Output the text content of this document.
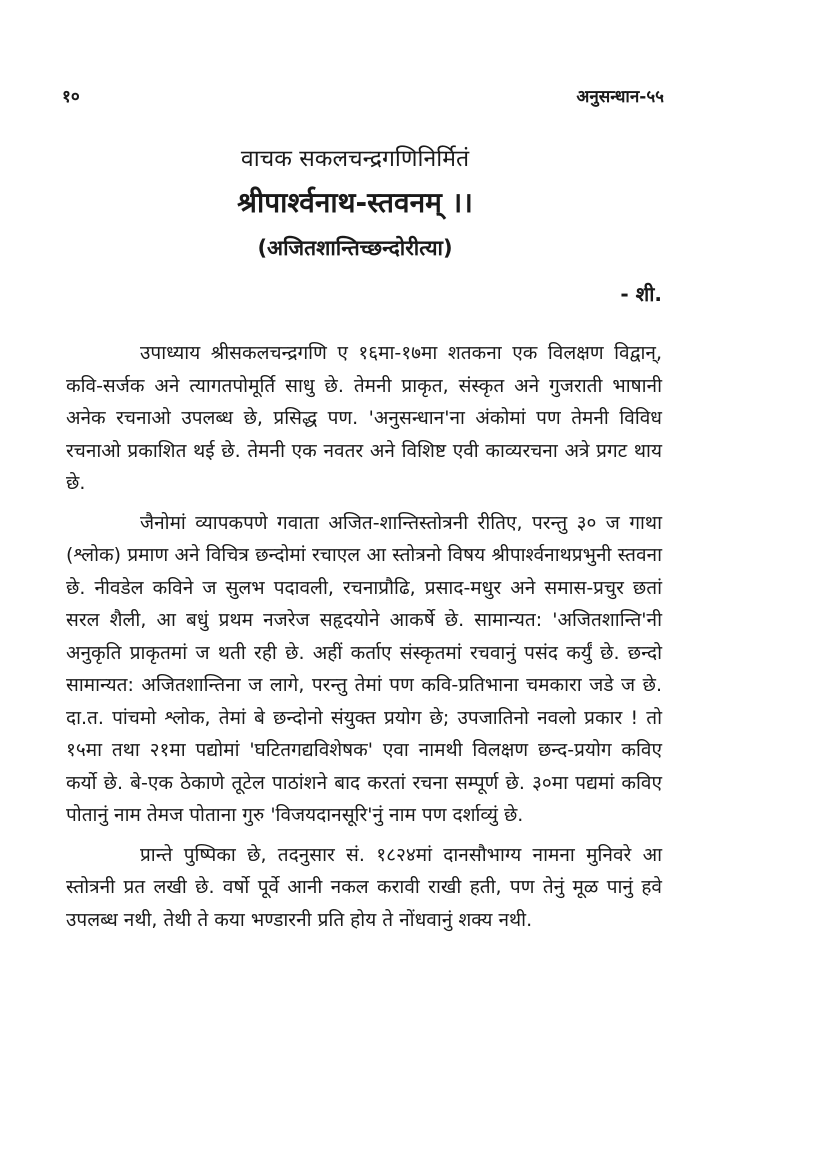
१०	अनुसन्धान-५५
वाचक सकलचन्द्रगणिनिर्मितं
श्रीपार्श्वनाथ-स्तवनम् ।।
(अजितशान्तिच्छन्दोरीत्या)
- शी.

उपाध्याय श्रीसकलचन्द्रगणि ए १६मा-१७मा शतकना एक विलक्षण विद्वान्, कवि-सर्जक अने त्यागतपोमूर्ति साधु छे. तेमनी प्राकृत, संस्कृत अने गुजराती भाषानी अनेक रचनाओ उपलब्ध छे, प्रसिद्ध पण. 'अनुसन्धान'ना अंकोमां पण तेमनी विविध रचनाओ प्रकाशित थई छे. तेमनी एक नवतर अने विशिष्ट एवी काव्यरचना अत्रे प्रगट थाय छे.

जैनोमां व्यापकपणे गवाता अजित-शान्तिस्तोत्रनी रीतिए, परन्तु ३० ज गाथा (श्लोक) प्रमाण अने विचित्र छन्दोमां रचाएल आ स्तोत्रनो विषय श्रीपार्श्वनाथप्रभुनी स्तवना छे. नीवडेल कविने ज सुलभ पदावली, रचनाप्रौढि, प्रसाद-मधुर अने समास-प्रचुर छतां सरल शैली, आ बधुं प्रथम नजरेज सहृदयोने आकर्षे छे. सामान्यत: 'अजितशान्ति'नी अनुकृति प्राकृतमां ज थती रही छे. अहीं कर्ताए संस्कृतमां रचवानुं पसंद कर्युं छे. छन्दो सामान्यत: अजितशान्तिना ज लागे, परन्तु तेमां पण कवि-प्रतिभाना चमकारा जडे ज छे. दा.त. पांचमो श्लोक, तेमां बे छन्दोनो संयुक्त प्रयोग छे; उपजातिनो नवलो प्रकार ! तो १५मा तथा २१मा पद्योमां 'घटितगद्यविशेषक' एवा नामथी विलक्षण छन्द-प्रयोग कविए कर्यो छे. बे-एक ठेकाणे तूटेल पाठांशने बाद करतां रचना सम्पूर्ण छे. ३०मा पद्यमां कविए पोतानुं नाम तेमज पोताना गुरु 'विजयदानसूरि'नुं नाम पण दर्शाव्युं छे.

प्रान्ते पुष्पिका छे, तदनुसार सं. १८२४मां दानसौभाग्य नामना मुनिवरे आ स्तोत्रनी प्रत लखी छे. वर्षो पूर्वे आनी नकल करावी राखी हती, पण तेनुं मूळ पानुं हवे उपलब्ध नथी, तेथी ते कया भण्डारनी प्रति होय ते नोंधवानुं शक्य नथी.
